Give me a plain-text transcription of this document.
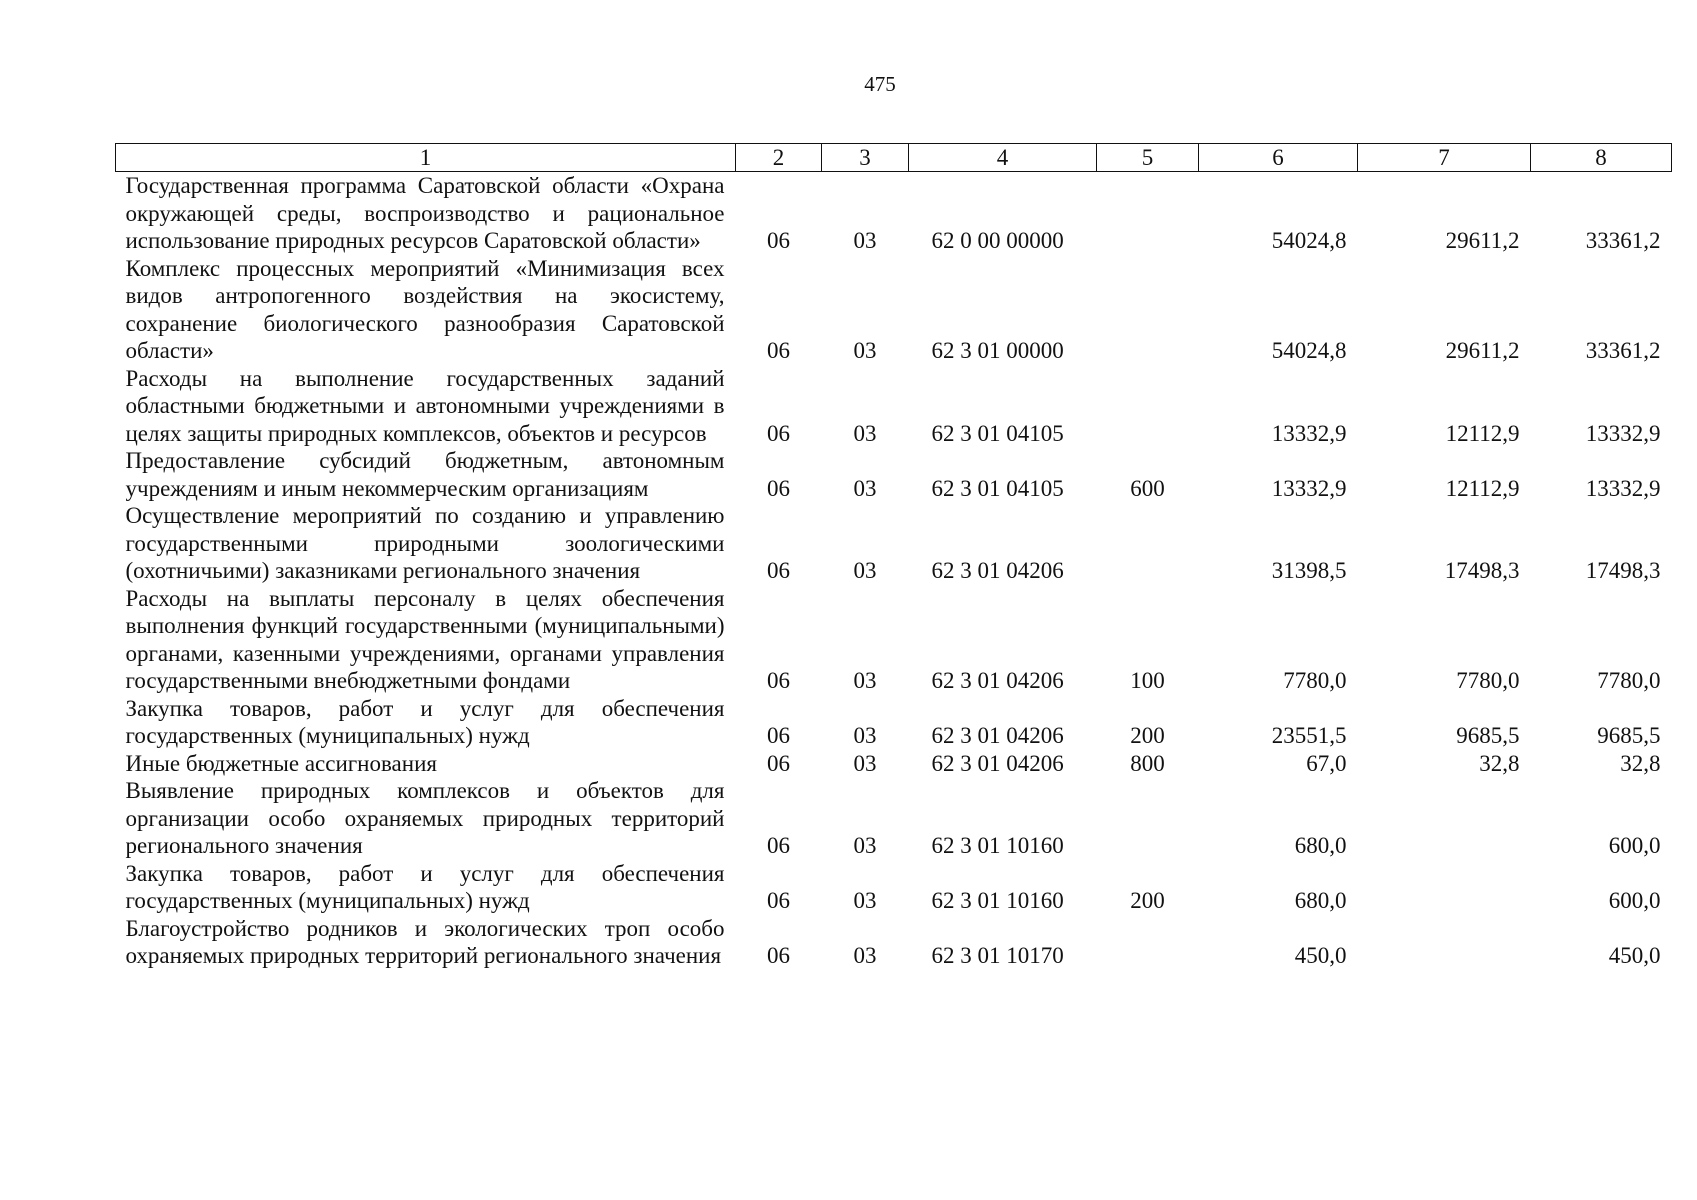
475
1	2	3	4	5	6	7	8
Государственная программа Саратовской области «Охрана окружающей среды, воспроизводство и рациональное использование природных ресурсов Саратовской области»	06	03	62 0 00 00000		54024,8	29611,2	33361,2
Комплекс процессных мероприятий «Минимизация всех видов антропогенного воздействия на экосистему, сохранение биологического разнообразия Саратовской области»	06	03	62 3 01 00000		54024,8	29611,2	33361,2
Расходы на выполнение государственных заданий областными бюджетными и автономными учреждениями в целях защиты природных комплексов, объектов и ресурсов	06	03	62 3 01 04105		13332,9	12112,9	13332,9
Предоставление субсидий бюджетным, автономным учреждениям и иным некоммерческим организациям	06	03	62 3 01 04105	600	13332,9	12112,9	13332,9
Осуществление мероприятий по созданию и управлению государственными природными зоологическими (охотничьими) заказниками регионального значения	06	03	62 3 01 04206		31398,5	17498,3	17498,3
Расходы на выплаты персоналу в целях обеспечения выполнения функций государственными (муниципальными) органами, казенными учреждениями, органами управления государственными внебюджетными фондами	06	03	62 3 01 04206	100	7780,0	7780,0	7780,0
Закупка товаров, работ и услуг для обеспечения государственных (муниципальных) нужд	06	03	62 3 01 04206	200	23551,5	9685,5	9685,5
Иные бюджетные ассигнования	06	03	62 3 01 04206	800	67,0	32,8	32,8
Выявление природных комплексов и объектов для организации особо охраняемых природных территорий регионального значения	06	03	62 3 01 10160		680,0		600,0
Закупка товаров, работ и услуг для обеспечения государственных (муниципальных) нужд	06	03	62 3 01 10160	200	680,0		600,0
Благоустройство родников и экологических троп особо охраняемых природных территорий регионального значения	06	03	62 3 01 10170		450,0		450,0
